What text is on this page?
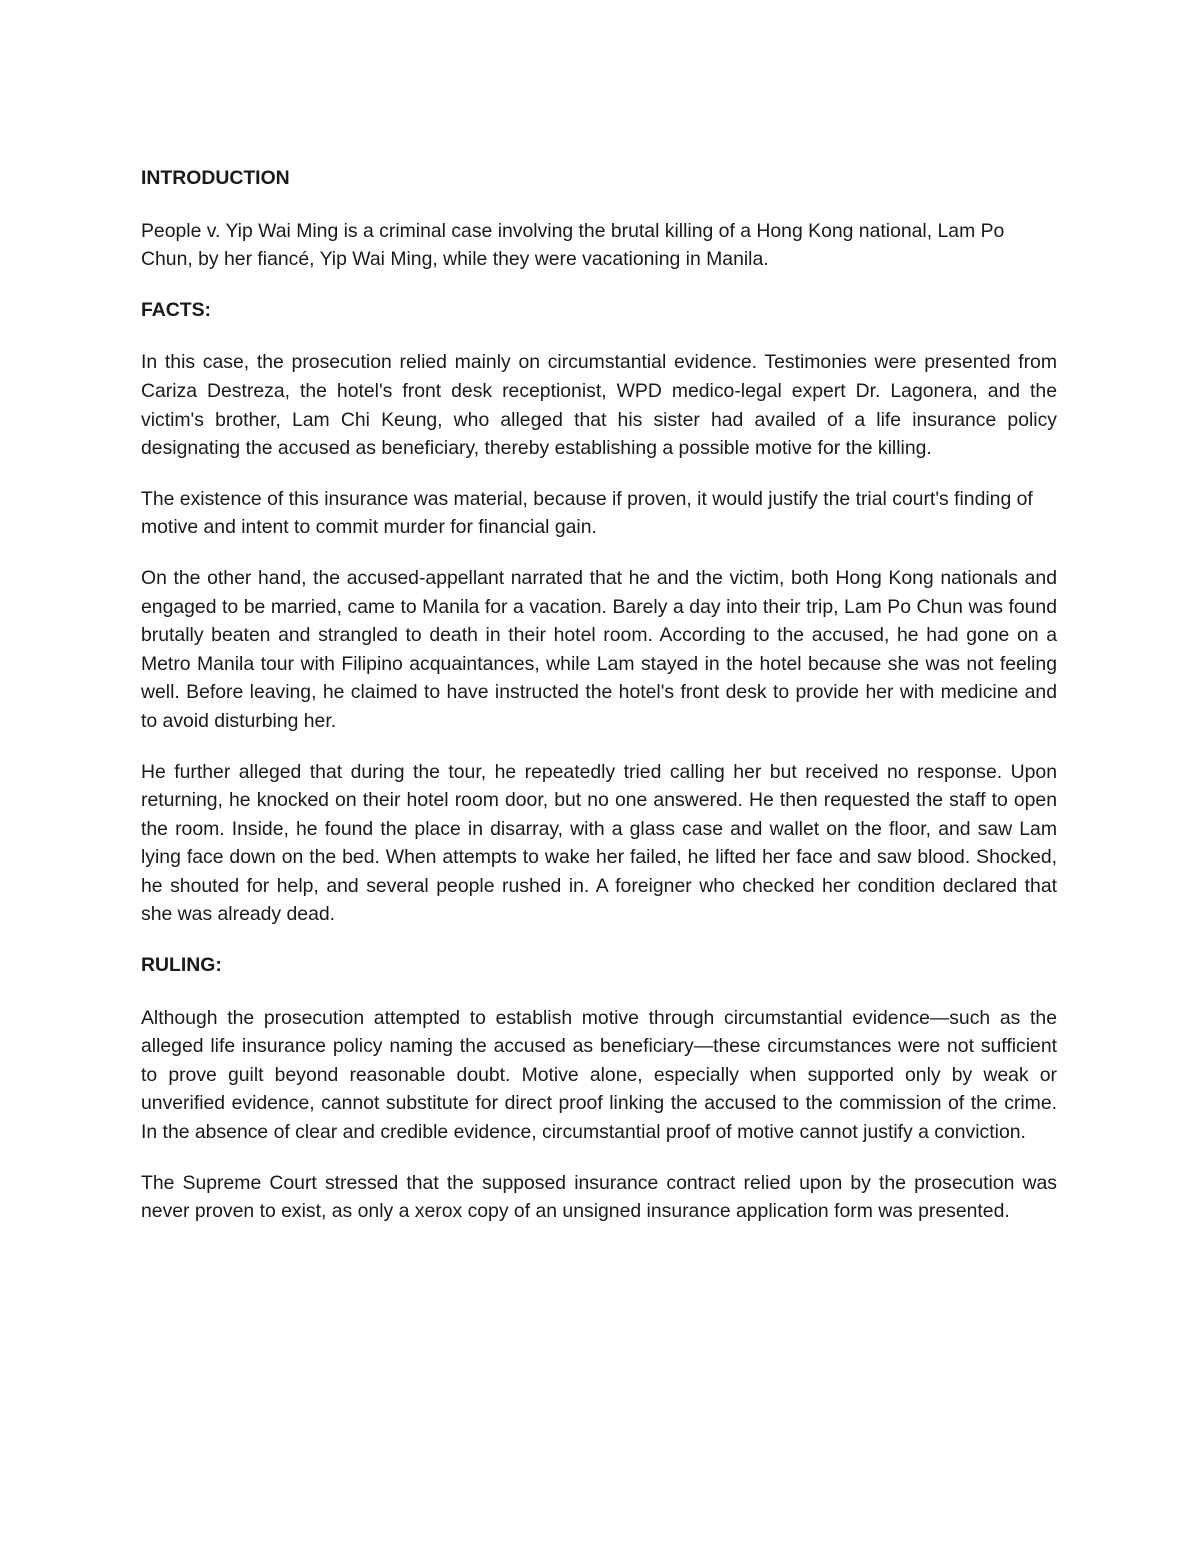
INTRODUCTION

People v. Yip Wai Ming is a criminal case involving the brutal killing of a Hong Kong national, Lam Po Chun, by her fiancé, Yip Wai Ming, while they were vacationing in Manila.

FACTS:

In this case, the prosecution relied mainly on circumstantial evidence. Testimonies were presented from Cariza Destreza, the hotel's front desk receptionist, WPD medico-legal expert Dr. Lagonera, and the victim's brother, Lam Chi Keung, who alleged that his sister had availed of a life insurance policy designating the accused as beneficiary, thereby establishing a possible motive for the killing.

The existence of this insurance was material, because if proven, it would justify the trial court's finding of motive and intent to commit murder for financial gain.

On the other hand, the accused-appellant narrated that he and the victim, both Hong Kong nationals and engaged to be married, came to Manila for a vacation. Barely a day into their trip, Lam Po Chun was found brutally beaten and strangled to death in their hotel room. According to the accused, he had gone on a Metro Manila tour with Filipino acquaintances, while Lam stayed in the hotel because she was not feeling well. Before leaving, he claimed to have instructed the hotel's front desk to provide her with medicine and to avoid disturbing her.

He further alleged that during the tour, he repeatedly tried calling her but received no response. Upon returning, he knocked on their hotel room door, but no one answered. He then requested the staff to open the room. Inside, he found the place in disarray, with a glass case and wallet on the floor, and saw Lam lying face down on the bed. When attempts to wake her failed, he lifted her face and saw blood. Shocked, he shouted for help, and several people rushed in. A foreigner who checked her condition declared that she was already dead.

RULING:

Although the prosecution attempted to establish motive through circumstantial evidence—such as the alleged life insurance policy naming the accused as beneficiary—these circumstances were not sufficient to prove guilt beyond reasonable doubt. Motive alone, especially when supported only by weak or unverified evidence, cannot substitute for direct proof linking the accused to the commission of the crime. In the absence of clear and credible evidence, circumstantial proof of motive cannot justify a conviction.

The Supreme Court stressed that the supposed insurance contract relied upon by the prosecution was never proven to exist, as only a xerox copy of an unsigned insurance application form was presented.
